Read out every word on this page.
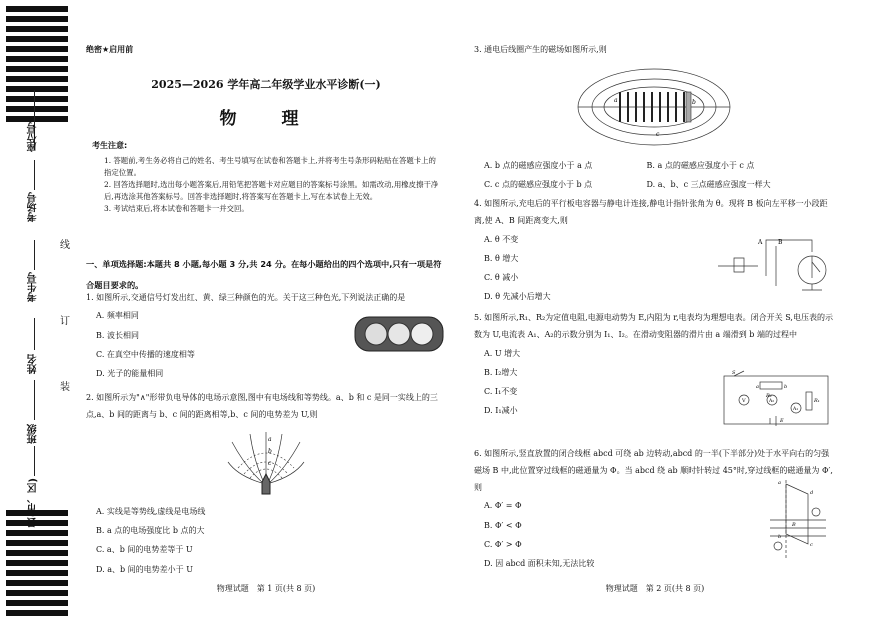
座位号
考场号
考生号
姓名
班级
县(市、区)
线
订
装
绝密★启用前
2025—2026 学年高二年级学业水平诊断(一)
物　理
考生注意:

1. 答题前,考生务必将自己的姓名、考生号填写在试卷和答题卡上,并将考生号条形码粘贴在答题卡上的指定位置。

2. 回答选择题时,选出每小题答案后,用铅笔把答题卡对应题目的答案标号涂黑。如需改动,用橡皮擦干净后,再选涂其他答案标号。回答非选择题时,将答案写在答题卡上,写在本试卷上无效。

3. 考试结束后,将本试卷和答题卡一并交回。

一、单项选择题:本题共 8 小题,每小题 3 分,共 24 分。在每小题给出的四个选项中,只有一项是符合题目要求的。

1. 如图所示,交通信号灯发出红、黄、绿三种颜色的光。关于这三种色光,下列说法正确的是

A. 频率相同

B. 波长相同

C. 在真空中传播的速度相等

D. 光子的能量相同

2. 如图所示为"∧"形带负电导体的电场示意图,图中有电场线和等势线。a、b 和 c 是同一实线上的三点,a、b 间的距离与 b、c 间的距离相等,b、c 间的电势差为 U,则

a
b
c

A. 实线是等势线,虚线是电场线

B. a 点的电场强度比 b 点的大

C. a、b 间的电势差等于 U

D. a、b 间的电势差小于 U

物理试题　第 1 页(共 8 页)

3. 通电后线圈产生的磁场如图所示,则

a	b
c
A. b 点的磁感应强度小于 a 点	B. a 点的磁感应强度小于 c 点
C. c 点的磁感应强度小于 b 点	D. a、b、c 三点磁感应强度一样大

4. 如图所示,充电后的平行板电容器与静电计连接,静电计指针张角为 θ。现将 B 板向左平移一小段距离,使 A、B 间距离变大,则

A. θ 不变

B. θ 增大

C. θ 减小

D. θ 先减小后增大

A	B

5. 如图所示,R₁、R₂为定值电阻,电源电动势为 E,内阻为 r,电表均为理想电表。闭合开关 S,电压表的示数为 U,电流表 A₁、A₂的示数分别为 I₁、I₂。在滑动变阻器的滑片由 a 端滑到 b 端的过程中

A. U 增大

B. I₂增大

C. I₁不变

D. I₁减小

S
a	b
R₁
R₂
V
A₁
A₂
E

6. 如图所示,竖直放置的闭合线框 abcd 可绕 ab 边转动,abcd 的一半(下半部分)处于水平向右的匀强磁场 B 中,此位置穿过线框的磁通量为 Φ。当 abcd 绕 ab 顺时针转过 45°时,穿过线框的磁通量为 Φ′,则

A. Φ′ = Φ

B. Φ′ < Φ

C. Φ′ > Φ

D. 因 abcd 面积未知,无法比较

a
b
c
d
B
物理试题　第 2 页(共 8 页)
